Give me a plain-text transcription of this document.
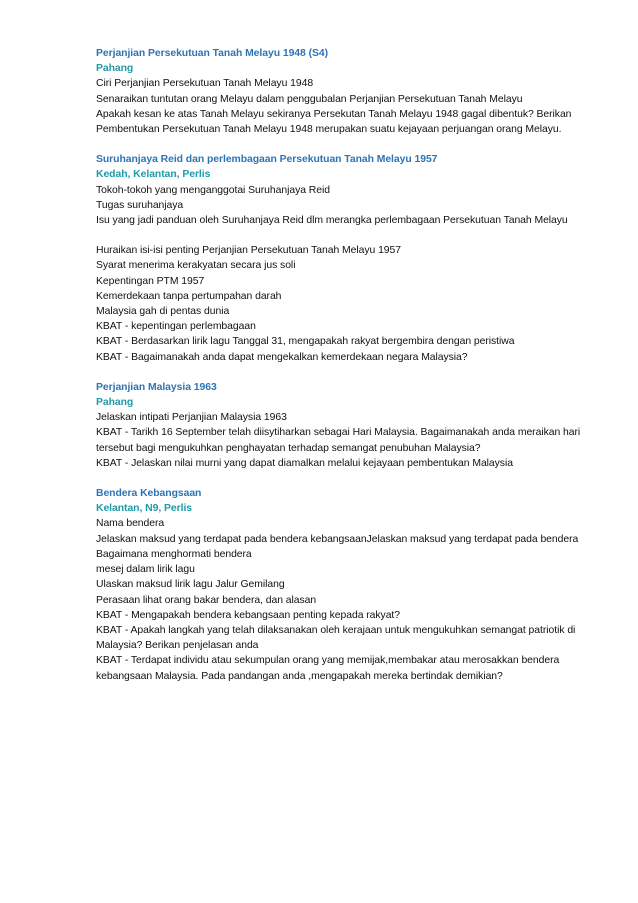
Perjanjian Persekutuan Tanah Melayu 1948 (S4)
Pahang
Ciri Perjanjian Persekutuan Tanah Melayu 1948
Senaraikan tuntutan orang Melayu dalam penggubalan Perjanjian Persekutuan Tanah Melayu
Apakah kesan ke atas Tanah Melayu sekiranya Persekutan Tanah Melayu 1948 gagal dibentuk? Berikan
Pembentukan Persekutuan Tanah Melayu 1948 merupakan suatu kejayaan perjuangan orang Melayu.
Suruhanjaya Reid dan perlembagaan Persekutuan Tanah Melayu 1957
Kedah, Kelantan, Perlis
Tokoh-tokoh yang menganggotai Suruhanjaya Reid
Tugas suruhanjaya
Isu yang jadi panduan oleh Suruhanjaya Reid dlm merangka perlembagaan Persekutuan Tanah Melayu
Huraikan isi-isi penting Perjanjian Persekutuan Tanah Melayu 1957
Syarat menerima kerakyatan secara jus soli
Kepentingan PTM 1957
Kemerdekaan tanpa pertumpahan darah
Malaysia gah di pentas dunia
KBAT - kepentingan perlembagaan
KBAT - Berdasarkan lirik lagu Tanggal 31, mengapakah rakyat bergembira dengan peristiwa
KBAT - Bagaimanakah anda dapat mengekalkan kemerdekaan negara Malaysia?
Perjanjian Malaysia 1963
Pahang
Jelaskan intipati Perjanjian Malaysia 1963
KBAT - Tarikh 16 September telah diisytiharkan sebagai Hari Malaysia. Bagaimanakah anda meraikan hari
tersebut bagi mengukuhkan penghayatan terhadap semangat penubuhan Malaysia?
KBAT - Jelaskan nilai murni yang dapat diamalkan melalui kejayaan pembentukan Malaysia
Bendera Kebangsaan
Kelantan, N9, Perlis
Nama bendera
Jelaskan maksud yang terdapat pada bendera kebangsaanJelaskan maksud yang terdapat pada bendera
Bagaimana menghormati bendera
mesej dalam lirik lagu
Ulaskan maksud lirik lagu Jalur Gemilang
Perasaan lihat orang bakar bendera, dan alasan
KBAT - Mengapakah bendera kebangsaan penting kepada rakyat?
KBAT - Apakah langkah yang telah dilaksanakan oleh kerajaan untuk mengukuhkan semangat patriotik di
Malaysia? Berikan penjelasan anda
KBAT - Terdapat individu atau sekumpulan orang yang memijak,membakar atau merosakkan bendera
kebangsaan Malaysia. Pada pandangan anda ,mengapakah mereka bertindak demikian?
